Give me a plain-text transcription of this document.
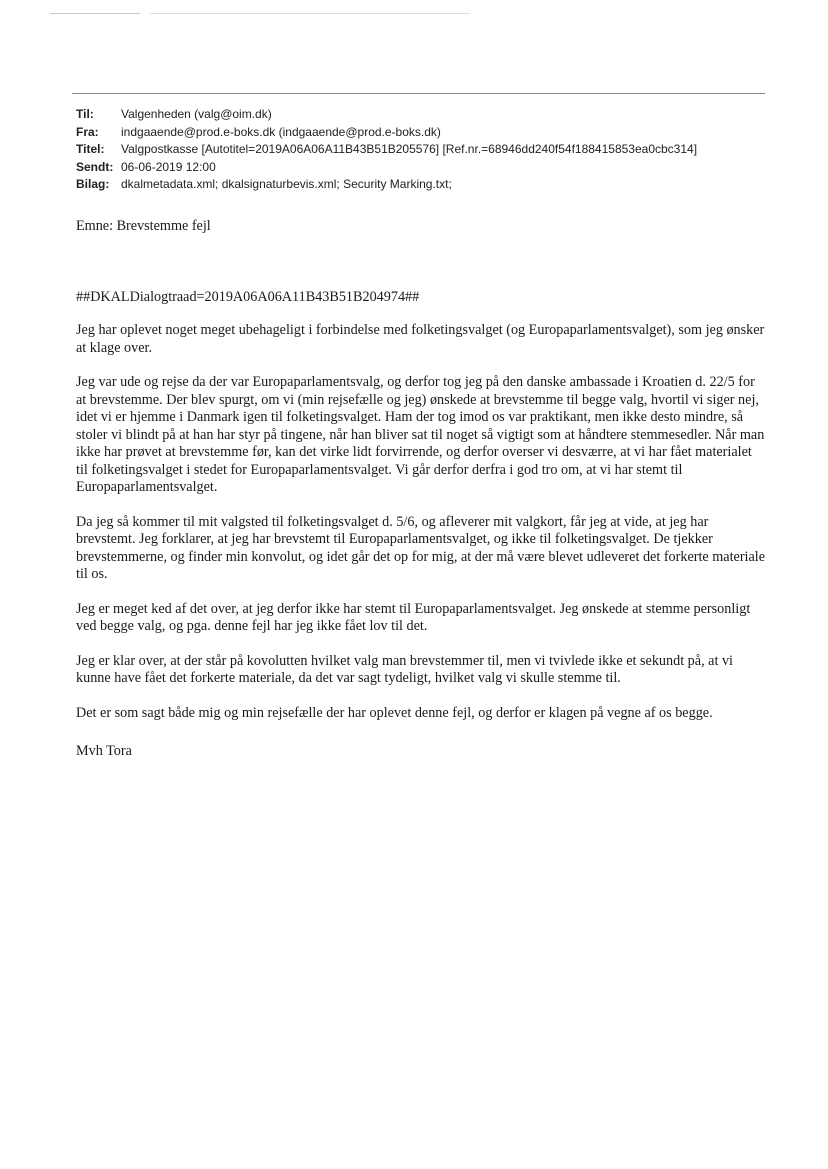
Til:	Valgenheden (valg@oim.dk)
Fra:	indgaaende@prod.e-boks.dk (indgaaende@prod.e-boks.dk)
Titel:	Valgpostkasse [Autotitel=2019A06A06A11B43B51B205576] [Ref.nr.=68946dd240f54f188415853ea0cbc314]
Sendt: 06-06-2019 12:00
Bilag: dkalmetadata.xml; dkalsignaturbevis.xml; Security Marking.txt;

Emne: Brevstemme fejl

##DKALDialogtraad=2019A06A06A11B43B51B204974##

Jeg har oplevet noget meget ubehageligt i forbindelse med folketingsvalget (og Europaparlamentsvalget), som jeg ønsker at klage over.

Jeg var ude og rejse da der var Europaparlamentsvalg, og derfor tog jeg på den danske ambassade i Kroatien d. 22/5 for at brevstemme. Der blev spurgt, om vi (min rejsefælle og jeg) ønskede at brevstemme til begge valg, hvortil vi siger nej, idet vi er hjemme i Danmark igen til folketingsvalget. Ham der tog imod os var praktikant, men ikke desto mindre, så stoler vi blindt på at han har styr på tingene, når han bliver sat til noget så vigtigt som at håndtere stemmesedler. Når man ikke har prøvet at brevstemme før, kan det virke lidt forvirrende, og derfor overser vi desværre, at vi har fået materialet til folketingsvalget i stedet for Europaparlamentsvalget. Vi går derfor derfra i god tro om, at vi har stemt til Europaparlamentsvalget.

Da jeg så kommer til mit valgsted til folketingsvalget d. 5/6, og afleverer mit valgkort, får jeg at vide, at jeg har brevstemt. Jeg forklarer, at jeg har brevstemt til Europaparlamentsvalget, og ikke til folketingsvalget. De tjekker brevstemmerne, og finder min konvolut, og idet går det op for mig, at der må være blevet udleveret det forkerte materiale til os.

Jeg er meget ked af det over, at jeg derfor ikke har stemt til Europaparlamentsvalget. Jeg ønskede at stemme personligt ved begge valg, og pga. denne fejl har jeg ikke fået lov til det.

Jeg er klar over, at der står på kovolutten hvilket valg man brevstemmer til, men vi tvivlede ikke et sekundt på, at vi kunne have fået det forkerte materiale, da det var sagt tydeligt, hvilket valg vi skulle stemme til.

Det er som sagt både mig og min rejsefælle der har oplevet denne fejl, og derfor er klagen på vegne af os begge.

Mvh Tora
